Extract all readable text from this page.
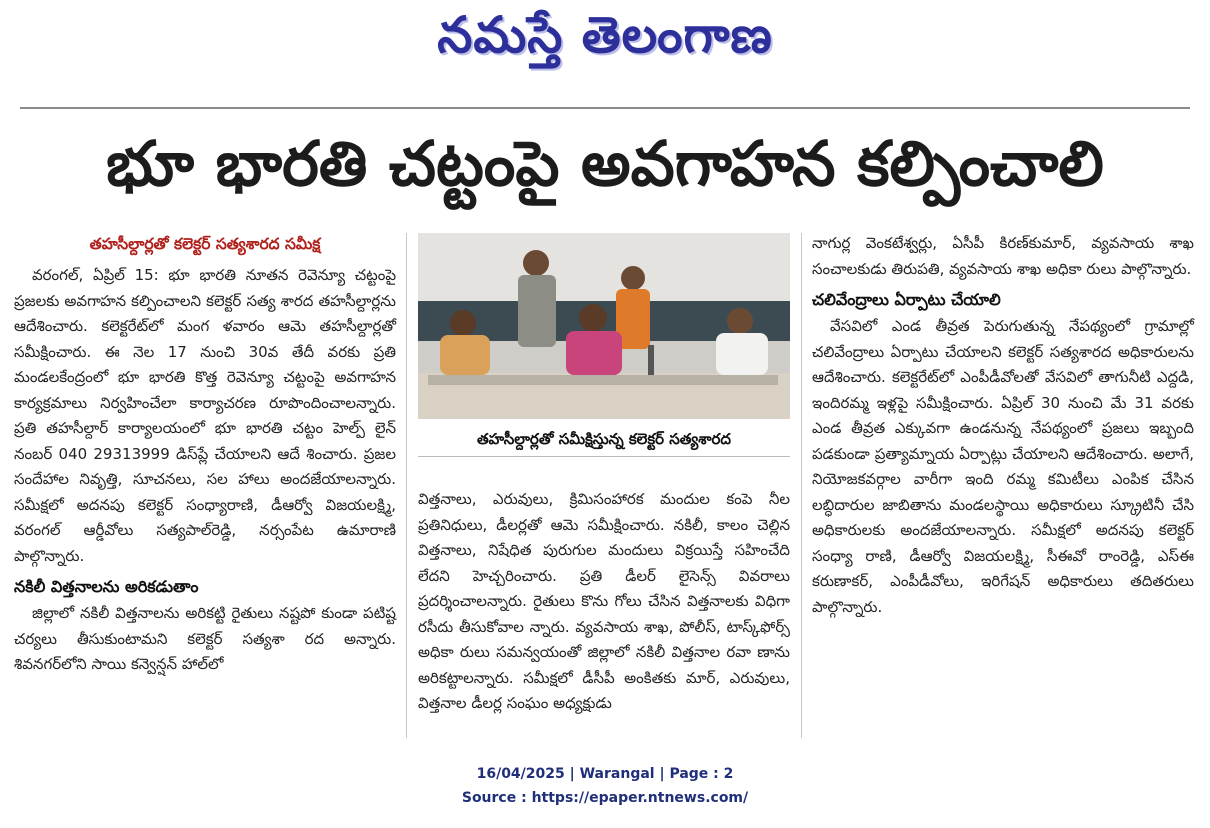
నమస్తే తెలంగాణ
భూ భారతి చట్టంపై అవగాహన కల్పించాలి
తహసీల్దార్లతో కలెక్టర్ సత్యశారద సమీక్ష

వరంగల్, ఏప్రిల్ 15: భూ భారతి నూతన రెవెన్యూ చట్టంపై ప్రజలకు అవగాహన కల్పించాలని కలెక్టర్ సత్య శారద తహసీల్దార్లను ఆదేశించారు. కలెక్టరేట్‌లో మంగ ళవారం ఆమె తహసీల్దార్లతో సమీక్షించారు. ఈ నెల 17 నుంచి 30వ తేదీ వరకు ప్రతి మండలకేంద్రంలో భూ భారతి కొత్త రెవెన్యూ చట్టంపై అవగాహన కార్యక్రమాలు నిర్వహించేలా కార్యాచరణ రూపొందించాలన్నారు. ప్రతి తహసీల్దార్ కార్యాలయంలో భూ భారతి చట్టం హెల్ప్ లైన్ నంబర్ 040 29313999 డిస్‌ప్లే చేయాలని ఆదే శించారు. ప్రజల సందేహాల నివృత్తి, సూచనలు, సల హాలు అందజేయాలన్నారు. సమీక్షలో అదనపు కలెక్టర్ సంధ్యారాణి, డీఆర్వో విజయలక్ష్మి, వరంగల్ ఆర్డీవోలు సత్యపాల్‌రెడ్డి, నర్సంపేట ఉమారాణి పాల్గొన్నారు.

నకిలీ విత్తనాలను అరికడుతాం

జిల్లాలో నకిలీ విత్తనాలను అరికట్టి రైతులు నష్టపో కుండా పటిష్ట చర్యలు తీసుకుంటామని కలెక్టర్ సత్యశా రద అన్నారు. శివనగర్‌లోని సాయి కన్వెన్షన్ హాల్‌లో

తహసీల్దార్లతో సమీక్షిస్తున్న కలెక్టర్ సత్యశారద

విత్తనాలు, ఎరువులు, క్రిమిసంహారక మందుల కంపె నీల ప్రతినిధులు, డీలర్లతో ఆమె సమీక్షించారు. నకిలీ, కాలం చెల్లిన విత్తనాలు, నిషేధిత పురుగుల మందులు విక్రయిస్తే సహించేది లేదని హెచ్చరించారు. ప్రతి డీలర్ లైసెన్స్ వివరాలు ప్రదర్శించాలన్నారు. రైతులు కొను గోలు చేసిన విత్తనాలకు విధిగా రసీదు తీసుకోవాల న్నారు. వ్యవసాయ శాఖ, పోలీస్, టాస్క్‌ఫోర్స్ అధికా రులు సమన్వయంతో జిల్లాలో నకిలీ విత్తనాల రవా ణాను అరికట్టాలన్నారు. సమీక్షలో డీసీపీ అంకితకు మార్, ఎరువులు, విత్తనాల డీలర్ల సంఘం అధ్యక్షుడు

నాగుర్ల వెంకటేశ్వర్లు, ఏసీపీ కిరణ్‌కుమార్, వ్యవసాయ శాఖ సంచాలకుడు తిరుపతి, వ్యవసాయ శాఖ అధికా రులు పాల్గొన్నారు.

చలివేంద్రాలు ఏర్పాటు చేయాలి

వేసవిలో ఎండ తీవ్రత పెరుగుతున్న నేపథ్యంలో గ్రామాల్లో చలివేంద్రాలు ఏర్పాటు చేయాలని కలెక్టర్ సత్యశారద అధికారులను ఆదేశించారు. కలెక్టరేట్‌లో ఎంపీడీవోలతో వేసవిలో తాగునీటి ఎద్దడి, ఇందిరమ్మ ఇళ్లపై సమీక్షించారు. ఏప్రిల్ 30 నుంచి మే 31 వరకు ఎండ తీవ్రత ఎక్కువగా ఉండనున్న నేపథ్యంలో ప్రజలు ఇబ్బంది పడకుండా ప్రత్యామ్నాయ ఏర్పాట్లు చేయాలని ఆదేశించారు. అలాగే, నియోజకవర్గాల వారీగా ఇంది రమ్మ కమిటీలు ఎంపిక చేసిన లబ్ధిదారుల జాబితాను మండలస్థాయి అధికారులు స్క్రూటినీ చేసి అధికారులకు అందజేయాలన్నారు. సమీక్షలో అదనపు కలెక్టర్ సంధ్యా రాణి, డీఆర్వో విజయలక్ష్మి, సీఈవో రాంరెడ్డి, ఎస్ఈ కరుణాకర్, ఎంపీడీవోలు, ఇరిగేషన్ అధికారులు తదితరులు పాల్గొన్నారు.

16/04/2025 | Warangal | Page : 2
Source : https://epaper.ntnews.com/
